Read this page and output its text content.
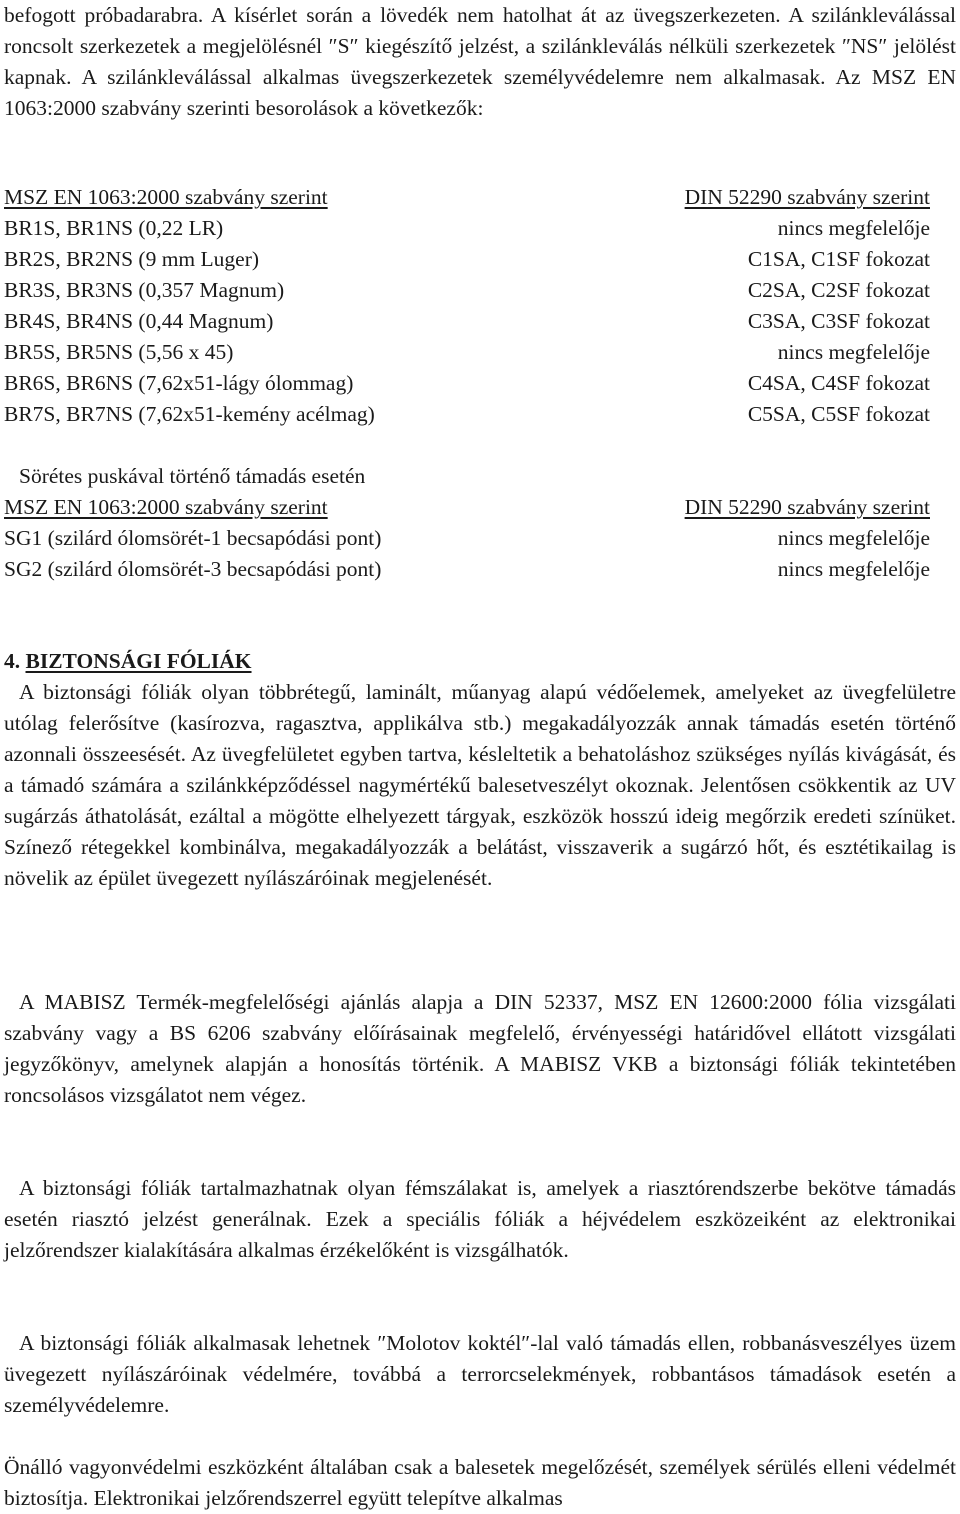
befogott próbadarabra. A kísérlet során a lövedék nem hatolhat át az üvegszerkezeten. A szilánkleválással roncsolt szerkezetek a megjelölésnél ″S″ kiegészítő jelzést, a szilánkleválás nélküli szerkezetek ″NS″ jelölést kapnak. A szilánkleválással alkalmas üvegszerkezetek személyvédelemre nem alkalmasak. Az MSZ EN 1063:2000 szabvány szerinti besorolások a következők:

MSZ EN 1063:2000 szabvány szerint	DIN 52290 szabvány szerint
BR1S, BR1NS (0,22 LR)	nincs megfelelője
BR2S, BR2NS (9 mm Luger)	C1SA, C1SF fokozat
BR3S, BR3NS (0,357 Magnum)	C2SA, C2SF fokozat
BR4S, BR4NS (0,44 Magnum)	C3SA, C3SF fokozat
BR5S, BR5NS (5,56 x 45)	nincs megfelelője
BR6S, BR6NS (7,62x51-lágy ólommag)	C4SA, C4SF fokozat
BR7S, BR7NS (7,62x51-kemény acélmag)	C5SA, C5SF fokozat
Sörétes puskával történő támadás esetén
MSZ EN 1063:2000 szabvány szerint	DIN 52290 szabvány szerint
SG1 (szilárd ólomsörét-1 becsapódási pont)	nincs megfelelője
SG2 (szilárd ólomsörét-3 becsapódási pont)	nincs megfelelője
4. BIZTONSÁGI FÓLIÁK

A biztonsági fóliák olyan többrétegű, laminált, műanyag alapú védőelemek, amelyeket az üvegfelületre utólag felerősítve (kasírozva, ragasztva, applikálva stb.) megakadályozzák annak támadás esetén történő azonnali összeesését. Az üvegfelületet egyben tartva, késleltetik a behatoláshoz szükséges nyílás kivágását, és a támadó számára a szilánkképződéssel nagymértékű balesetveszélyt okoznak. Jelentősen csökkentik az UV sugárzás áthatolását, ezáltal a mögötte elhelyezett tárgyak, eszközök hosszú ideig megőrzik eredeti színüket. Színező rétegekkel kombinálva, megakadályozzák a belátást, visszaverik a sugárzó hőt, és esztétikailag is növelik az épület üvegezett nyílászáróinak megjelenését.

A MABISZ Termék-megfelelőségi ajánlás alapja a DIN 52337, MSZ EN 12600:2000 fólia vizsgálati szabvány vagy a BS 6206 szabvány előírásainak megfelelő, érvényességi határidővel ellátott vizsgálati jegyzőkönyv, amelynek alapján a honosítás történik. A MABISZ VKB a biztonsági fóliák tekintetében roncsolásos vizsgálatot nem végez.

A biztonsági fóliák tartalmazhatnak olyan fémszálakat is, amelyek a riasztórendszerbe bekötve támadás esetén riasztó jelzést generálnak. Ezek a speciális fóliák a héjvédelem eszközeiként az elektronikai jelzőrendszer kialakítására alkalmas érzékelőként is vizsgálhatók.

A biztonsági fóliák alkalmasak lehetnek ″Molotov koktél″-lal való támadás ellen, robbanásveszélyes üzem üvegezett nyílászáróinak védelmére, továbbá a terrorcselekmények, robbantásos támadások esetén a személyvédelemre.

Önálló vagyonvédelmi eszközként általában csak a balesetek megelőzését, személyek sérülés elleni védelmét biztosítja. Elektronikai jelzőrendszerrel együtt telepítve alkalmas
